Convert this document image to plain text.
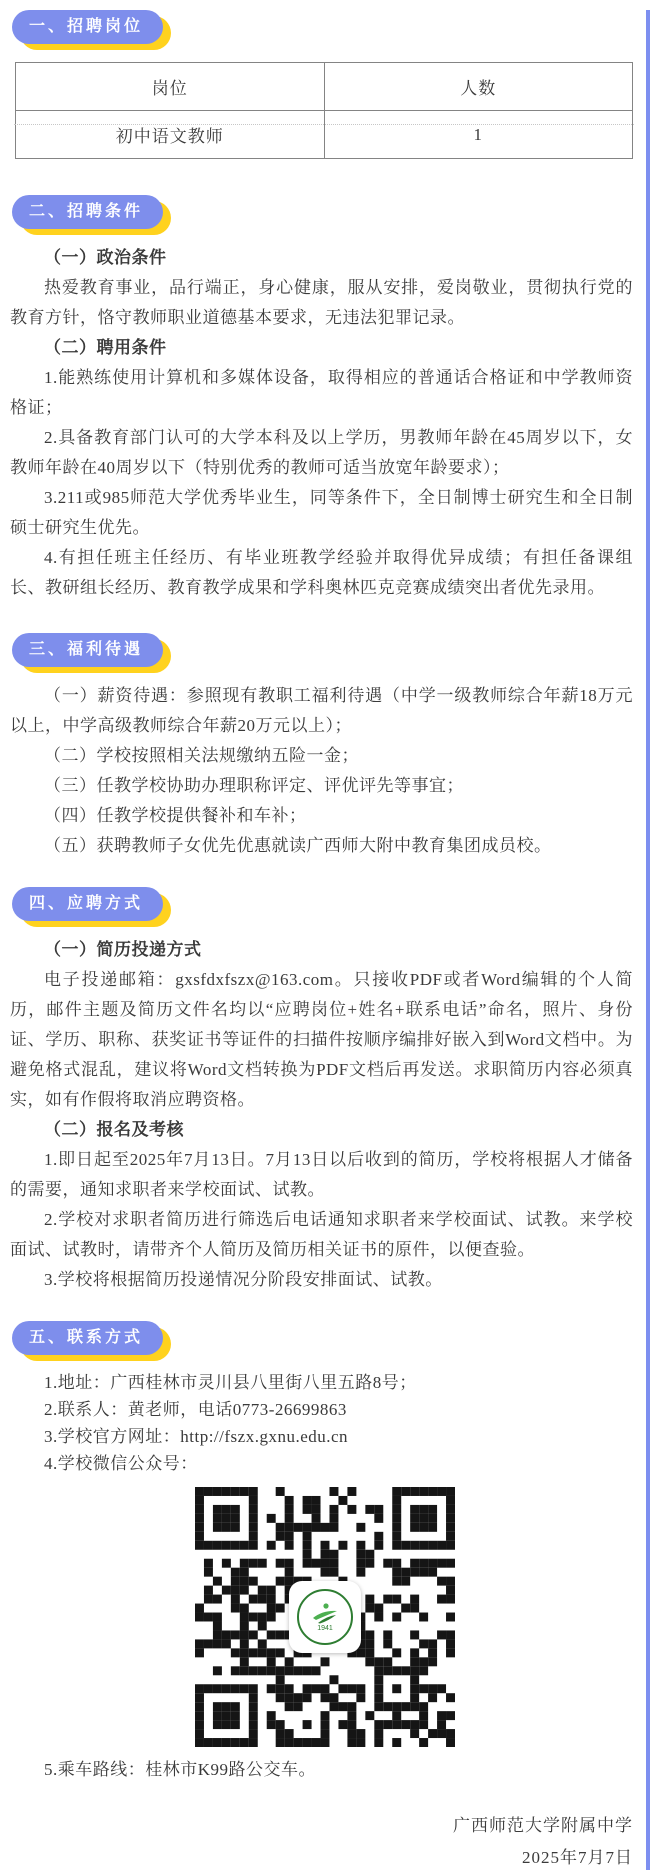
一、招聘岗位
岗位	人数
初中语文教师	1
二、招聘条件

（一）政治条件

热爱教育事业，品行端正，身心健康，服从安排，爱岗敬业，贯彻执行党的教育方针，恪守教师职业道德基本要求，无违法犯罪记录。

（二）聘用条件

1.能熟练使用计算机和多媒体设备，取得相应的普通话合格证和中学教师资格证；

2.具备教育部门认可的大学本科及以上学历，男教师年龄在45周岁以下，女教师年龄在40周岁以下（特别优秀的教师可适当放宽年龄要求）；

3.211或985师范大学优秀毕业生，同等条件下，全日制博士研究生和全日制硕士研究生优先。

4.有担任班主任经历、有毕业班教学经验并取得优异成绩；有担任备课组长、教研组长经历、教育教学成果和学科奥林匹克竞赛成绩突出者优先录用。

三、福利待遇

（一）薪资待遇：参照现有教职工福利待遇（中学一级教师综合年薪18万元以上，中学高级教师综合年薪20万元以上）；

（二）学校按照相关法规缴纳五险一金；

（三）任教学校协助办理职称评定、评优评先等事宜；

（四）任教学校提供餐补和车补；

（五）获聘教师子女优先优惠就读广西师大附中教育集团成员校。

四、应聘方式

（一）简历投递方式

电子投递邮箱：gxsfdxfszx@163.com。只接收PDF或者Word编辑的个人简历，邮件主题及简历文件名均以“应聘岗位+姓名+联系电话”命名，照片、身份证、学历、职称、获奖证书等证件的扫描件按顺序编排好嵌入到Word文档中。为避免格式混乱，建议将Word文档转换为PDF文档后再发送。求职简历内容必须真实，如有作假将取消应聘资格。

（二）报名及考核

1.即日起至2025年7月13日。7月13日以后收到的简历，学校将根据人才储备的需要，通知求职者来学校面试、试教。

2.学校对求职者简历进行筛选后电话通知求职者来学校面试、试教。来学校面试、试教时，请带齐个人简历及简历相关证书的原件，以便查验。

3.学校将根据简历投递情况分阶段安排面试、试教。

五、联系方式

1.地址：广西桂林市灵川县八里街八里五路8号；

2.联系人：黄老师，电话0773-26699863

3.学校官方网址：http://fszx.gxnu.edu.cn

4.学校微信公众号：

1941

5.乘车路线：桂林市K99路公交车。

广西师范大学附属中学
2025年7月7日
